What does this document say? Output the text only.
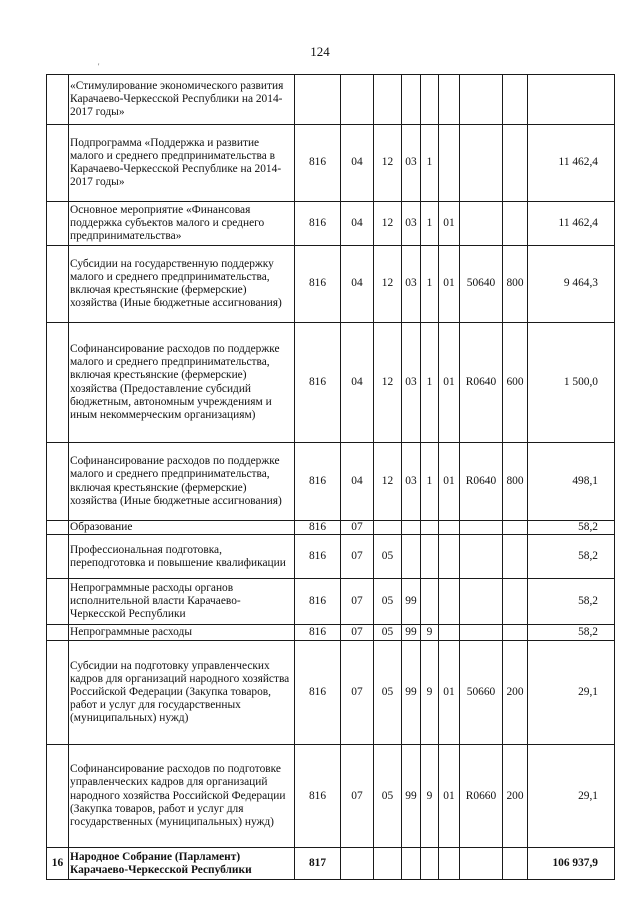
124
'
	«Стимулирование экономического развития Карачаево-Черкесской Республики на 2014-2017 годы»									
	Подпрограмма «Поддержка и развитие малого и среднего предпринимательства в Карачаево-Черкесской Республике на 2014-2017 годы»	816	04	12	03	1				11 462,4
	Основное мероприятие «Финансовая поддержка субъектов малого и среднего предпринимательства»	816	04	12	03	1	01			11 462,4
	Субсидии на государственную поддержку малого и среднего предпринимательства, включая крестьянские (фермерские) хозяйства (Иные бюджетные ассигнования)	816	04	12	03	1	01	50640	800	9 464,3
	Софинансирование расходов по поддержке малого и среднего предпринимательства, включая крестьянские (фермерские) хозяйства (Предоставление субсидий бюджетным, автономным учреждениям и иным некоммерческим организациям)	816	04	12	03	1	01	R0640	600	1 500,0
	Софинансирование расходов по поддержке малого и среднего предпринимательства, включая крестьянские (фермерские) хозяйства (Иные бюджетные ассигнования)	816	04	12	03	1	01	R0640	800	498,1
	Образование	816	07							58,2
	Профессиональная подготовка, переподготовка и повышение квалификации	816	07	05						58,2
	Непрограммные расходы органов исполнительной власти Карачаево-Черкесской Республики	816	07	05	99					58,2
	Непрограммные расходы	816	07	05	99	9				58,2
	Субсидии на подготовку управленческих кадров для организаций народного хозяйства Российской Федерации (Закупка товаров, работ и услуг для государственных (муниципальных) нужд)	816	07	05	99	9	01	50660	200	29,1
	Софинансирование расходов по подготовке управленческих кадров для организаций народного хозяйства Российской Федерации (Закупка товаров, работ и услуг для государственных (муниципальных) нужд)	816	07	05	99	9	01	R0660	200	29,1
16	Народное Собрание (Парламент) Карачаево-Черкесской Республики	817								106 937,9
